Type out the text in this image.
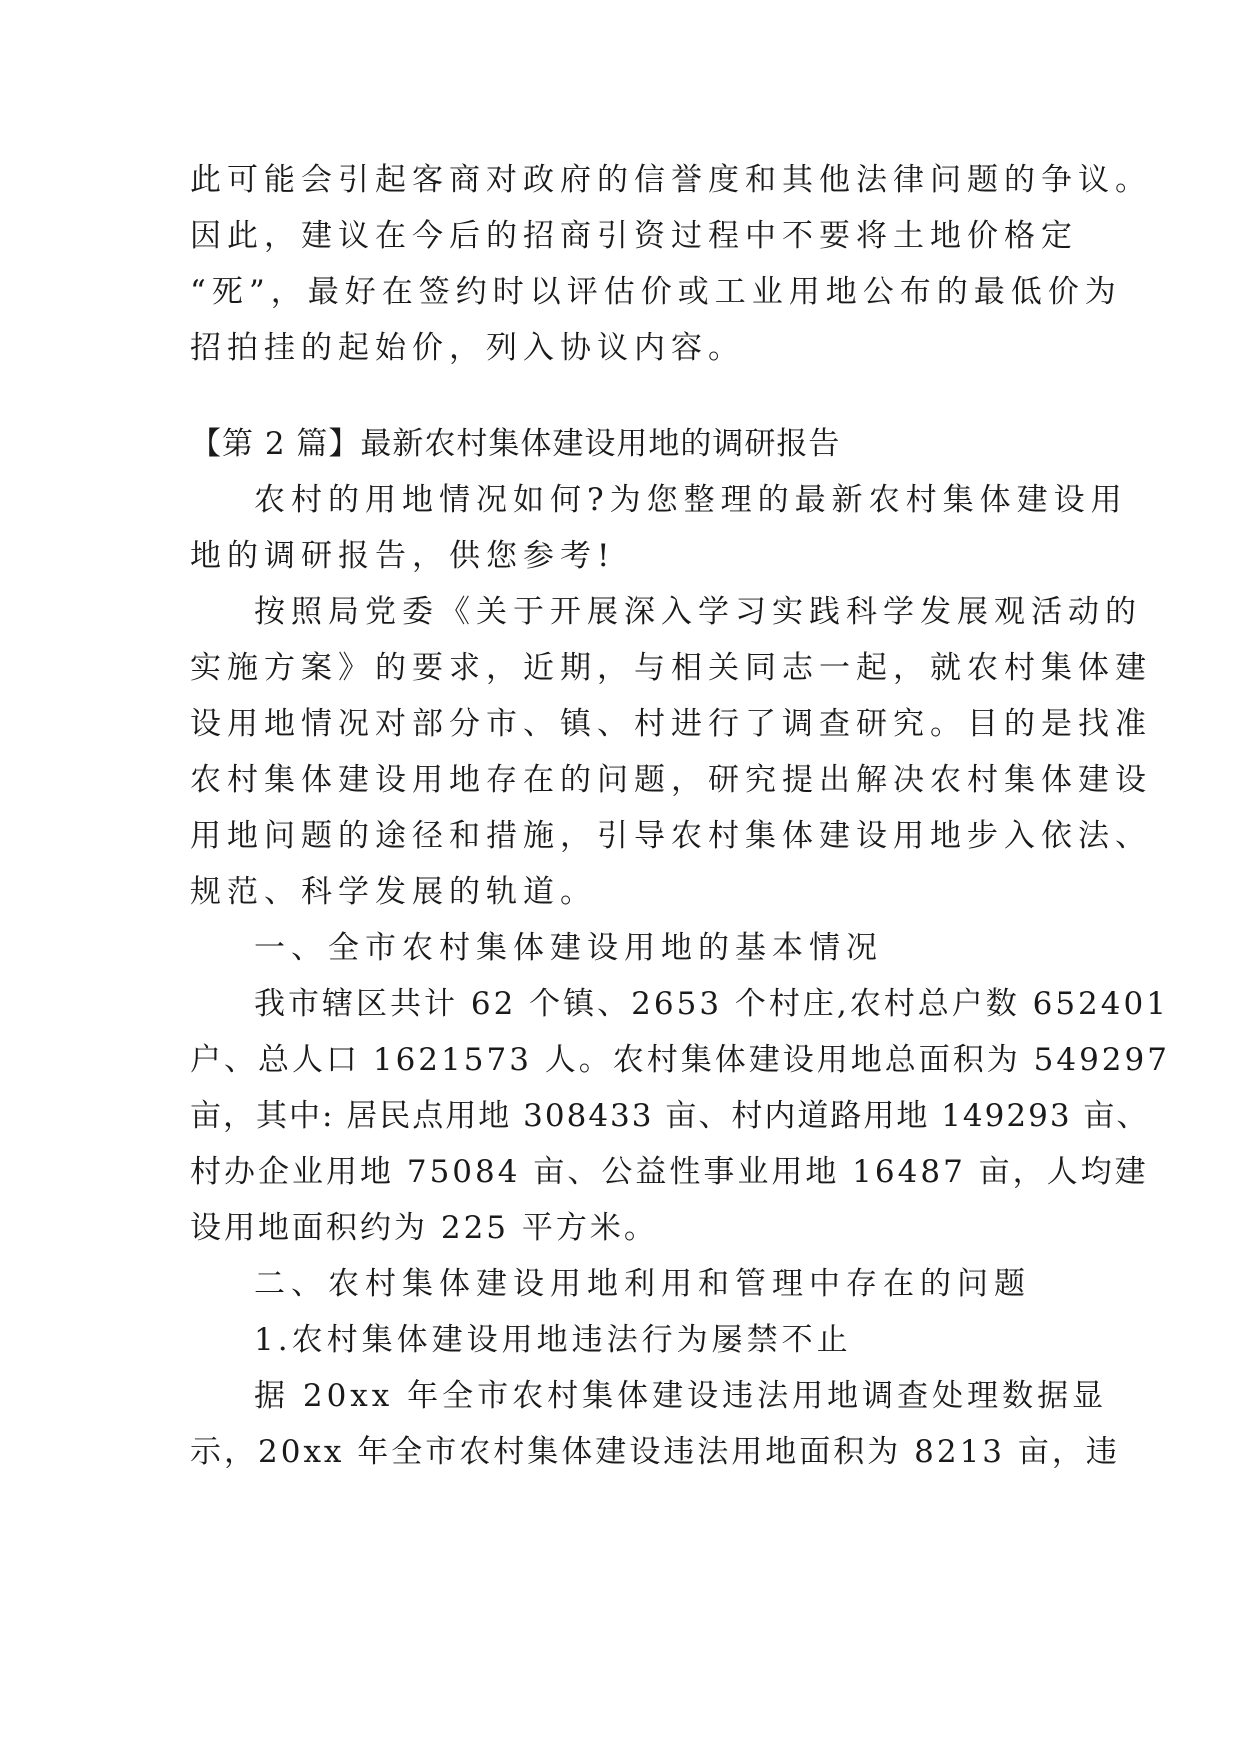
此可能会引起客商对政府的信誉度和其他法律问题的争议。
因此，建议在今后的招商引资过程中不要将土地价格定
“死”，最好在签约时以评估价或工业用地公布的最低价为
招拍挂的起始价，列入协议内容。
【第 2 篇】最新农村集体建设用地的调研报告
农村的用地情况如何?为您整理的最新农村集体建设用
地的调研报告，供您参考!
按照局党委《关于开展深入学习实践科学发展观活动的
实施方案》的要求，近期，与相关同志一起，就农村集体建
设用地情况对部分市、镇、村进行了调查研究。目的是找准
农村集体建设用地存在的问题，研究提出解决农村集体建设
用地问题的途径和措施，引导农村集体建设用地步入依法、
规范、科学发展的轨道。
一、全市农村集体建设用地的基本情况
我市辖区共计 62 个镇、2653 个村庄,农村总户数 652401
户、总人口 1621573 人。农村集体建设用地总面积为 549297
亩，其中: 居民点用地 308433 亩、村内道路用地 149293 亩、
村办企业用地 75084 亩、公益性事业用地 16487 亩，人均建
设用地面积约为 225 平方米。
二、农村集体建设用地利用和管理中存在的问题
1.农村集体建设用地违法行为屡禁不止
据 20xx 年全市农村集体建设违法用地调查处理数据显
示，20xx 年全市农村集体建设违法用地面积为 8213 亩，违
